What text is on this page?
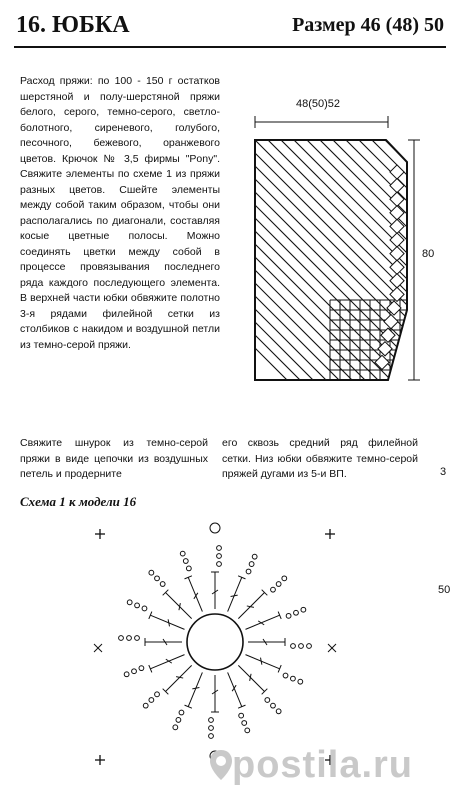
16. ЮБКА	Размер 46 (48) 50
Расход пряжи: по 100 - 150 г остатков шерстяной и полу-шерстяной пряжи белого, серого, темно-серого, светло-болотного, сиреневого, голубого, песочного, бежевого, оранжевого цветов. Крючок № 3,5 фирмы "Pony". Свяжите элементы по схеме 1 из пряжи разных цветов. Сшейте элементы между собой таким образом, чтобы они располагались по диагонали, составляя косые цветные полосы. Можно соединять цветки между собой в процессе провязывания последнего ряда каждого последующего элемента. В верхней части юбки обвяжите полотно 3-я рядами филейной сетки из столбиков с накидом и воздушной петли из темно-серой пряжи.
48(50)52
80
Свяжите шнурок из темно-серой пряжи в виде цепочки из воздушных петель и продерните
его сквозь средний ряд филейной сетки. Низ юбки обвяжите темно-серой пряжей дугами из 5-и ВП.	3
50
Схема 1 к модели 16
postila.ru
